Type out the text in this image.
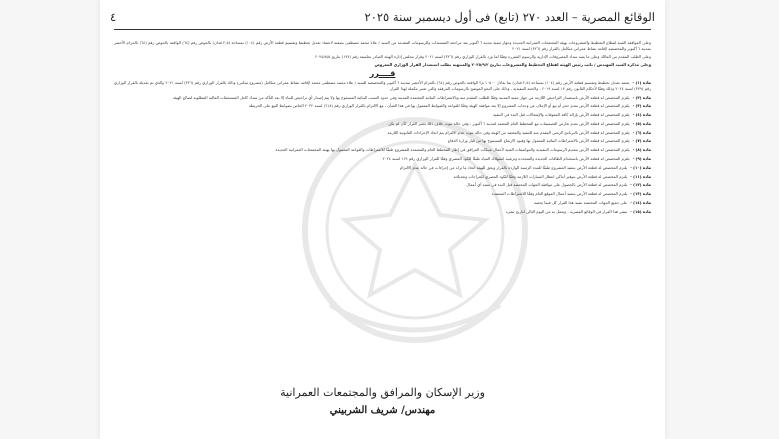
الوقائع المصرية – العدد ٢٧٠ (تابع) فى أول ديسمبر سنة ٢٠٢٥
٤

وعلى الموافقة الفنية لقطاع التخطيط والمشروعات بهيئة المجتمعات العمرانية الجديدة وجهاز تنمية مدينة ٦ أكتوبر بعد مراجعة المستندات والرسومات المقدمة من السيد / علاء محمد مصطفى بصفته لاعتماد تعديل تخطيط وتقسيم قطعة الأرض رقم (١٠٤) بمساحة (٢,٥ فدان) بالحوض رقم (٦٤) الواقعة بالحوض رقم (٦٤) بالحزام الأخضر بمدينة ٦ أكتوبر والمخصصة لإقامة نشاط عمراني متكامل بالقرار رقم (٣٢٦) لسنة ٢٠٢١

وعلى الطلب المقدم من المالك وعلى ما يفيد سداد المصروفات الإدارية والرسوم المقررة وفقًا لما ورد بالقرار الوزاري رقم (٣٢٦) لسنة ٢٠٢١ وقرار مجلس إدارة الهيئة الصادر بجلسته رقم (١٧٧) بتاريخ ٢٠٢٥/٨/٥

وعلى مذكرة السيد المهندس / نائب رئيس الهيئة لقطاع التخطيط والمشروعات بتاريخ ٢٠٢٥/٩/٢ والمنتهية بطلب استصدار القرار الوزاري المعروض

قــــرر
مادة (١) -يعتمد تعديل تخطيط وتقسيم قطعة الأرض رقم (١٠٤) بمساحة (٢,٥ فدان) بما يعادل ١٠٥٠٠ م٢ الواقعة بالحوض رقم (٦٤) بالحزام الأخضر بمدينة ٦ أكتوبر والمخصصة للسيد / علاء محمد مصطفى محمد لإقامة نشاط عمراني متكامل (مشروع سكني) وذلك بالقرار الوزاري رقم (٣٢٦) لسنة ٢٠٢١ والذي تم تعديله بالقرار الوزاري رقم (٣٧٩) لسنة ٢٠٢٤ وذلك وفقًا لأحكام القانون رقم ١٧ لسنة ٢٠١٩ ، ولائحته التنفيذية ، وذلك على النحو الموضح بالرسومات المرفقة والتي تعتبر مكملة لهذا القرار
مادة (٢) -يلتزم المخصص له قطعة الأرض باستصدار التراخيص اللازمة من جهاز تنمية المدينة وفقًا للطلب المقدم منه وبالاشتراطات البنائية المعتمدة للمدينة وفي حدود النسب البنائية المسموح بها ولا يتم إصدار أي تراخيص للبناء إلا بعد التأكد من سداد كامل المستحقات المالية المطلوبة لصالح الهيئة
مادة (٣) -يلتزم المخصص له قطعة الأرض بعدم حجز أو بيع أو الإعلان عن وحدات المشروع إلا بعد موافقة الهيئة وفقًا للقواعد والضوابط المعمول بها في هذا الشأن ، مع الالتزام بالقرار الوزاري رقم (٦١٨) لسنة ٢٠٢٢ الخاص بضوابط البيع على الخريطة
مادة (٤) -يلتزم المخصص له قطعة الأرض بإزالة كافة المعوقات والإشغالات قبل البدء في التنفيذ
مادة (٥) -يلتزم المخصص له قطعة الأرض بعدم تعارض التصميمات مع المخطط العام المعتمد لمدينة ٦ أكتوبر ، وفي حالة ثبوت خلاف ذلك يعتبر القرار كأن لم يكن
مادة (٦) -يلتزم المخصص له قطعة الأرض بالبرنامج الزمني المقدم منه للتنفيذ والمعتمد من الهيئة وفي حالة ثبوت عدم الالتزام يتم اتخاذ الإجراءات القانونية اللازمة
مادة (٧) -يلتزم المخصص له قطعة الأرض بالاشتراطات البنائية المعمول بها وقيود الارتفاع المسموح بها من قبل وزارة الدفاع
مادة (٨) -يلتزم المخصص له قطعة الأرض بتقديم الرسومات التنفيذية والمواصفات الفنية لأعمال شبكات المرافق في إطار المخطط العام والمعتمدة للمشروع طبقًا للاشتراطات والقواعد المعمول بها بهيئة المجتمعات العمرانية الجديدة
مادة (٩) -يلتزم المخصص له قطعة الأرض باستخدام الطاقات الجديدة والمتجددة وترشيد استهلاك المياه طبقًا للكود المصري وفقًا للقرار الوزاري رقم ١١٩ لسنة ٢٠٢٤
مادة (١٠) -يلتزم المخصص له قطعة الأرض بتنفيذ المشروع طبقًا للمدة الزمنية الواردة بالقرار ويحق للهيئة اتخاذ ما تراه من إجراءات في حالة عدم الالتزام
مادة (١١) -يلتزم المخصص له قطعة الأرض بتوفير أماكن انتظار السيارات اللازمة وفقًا للكود المصري للجراجات وتعديلاته
مادة (١٢) -يلتزم المخصص له قطعة الأرض بالحصول على موافقة الجهات المختصة قبل البدء في تنفيذ أي أعمال
مادة (١٣) -يلتزم المخصص له قطعة الأرض بتنفيذ أعمال الموقع العام وفقًا للاشتراطات المعتمدة
مادة (١٤) -على جميع الجهات المختصة تنفيذ هذا القرار كل فيما يخصه
مادة (١٥) -ينشر هذا القرار في الوقائع المصرية ، ويعمل به من اليوم التالي لتاريخ نشره
وزير الإسكان والمرافق والمجتمعات العمرانية
مهندس/ شريف الشربيني
